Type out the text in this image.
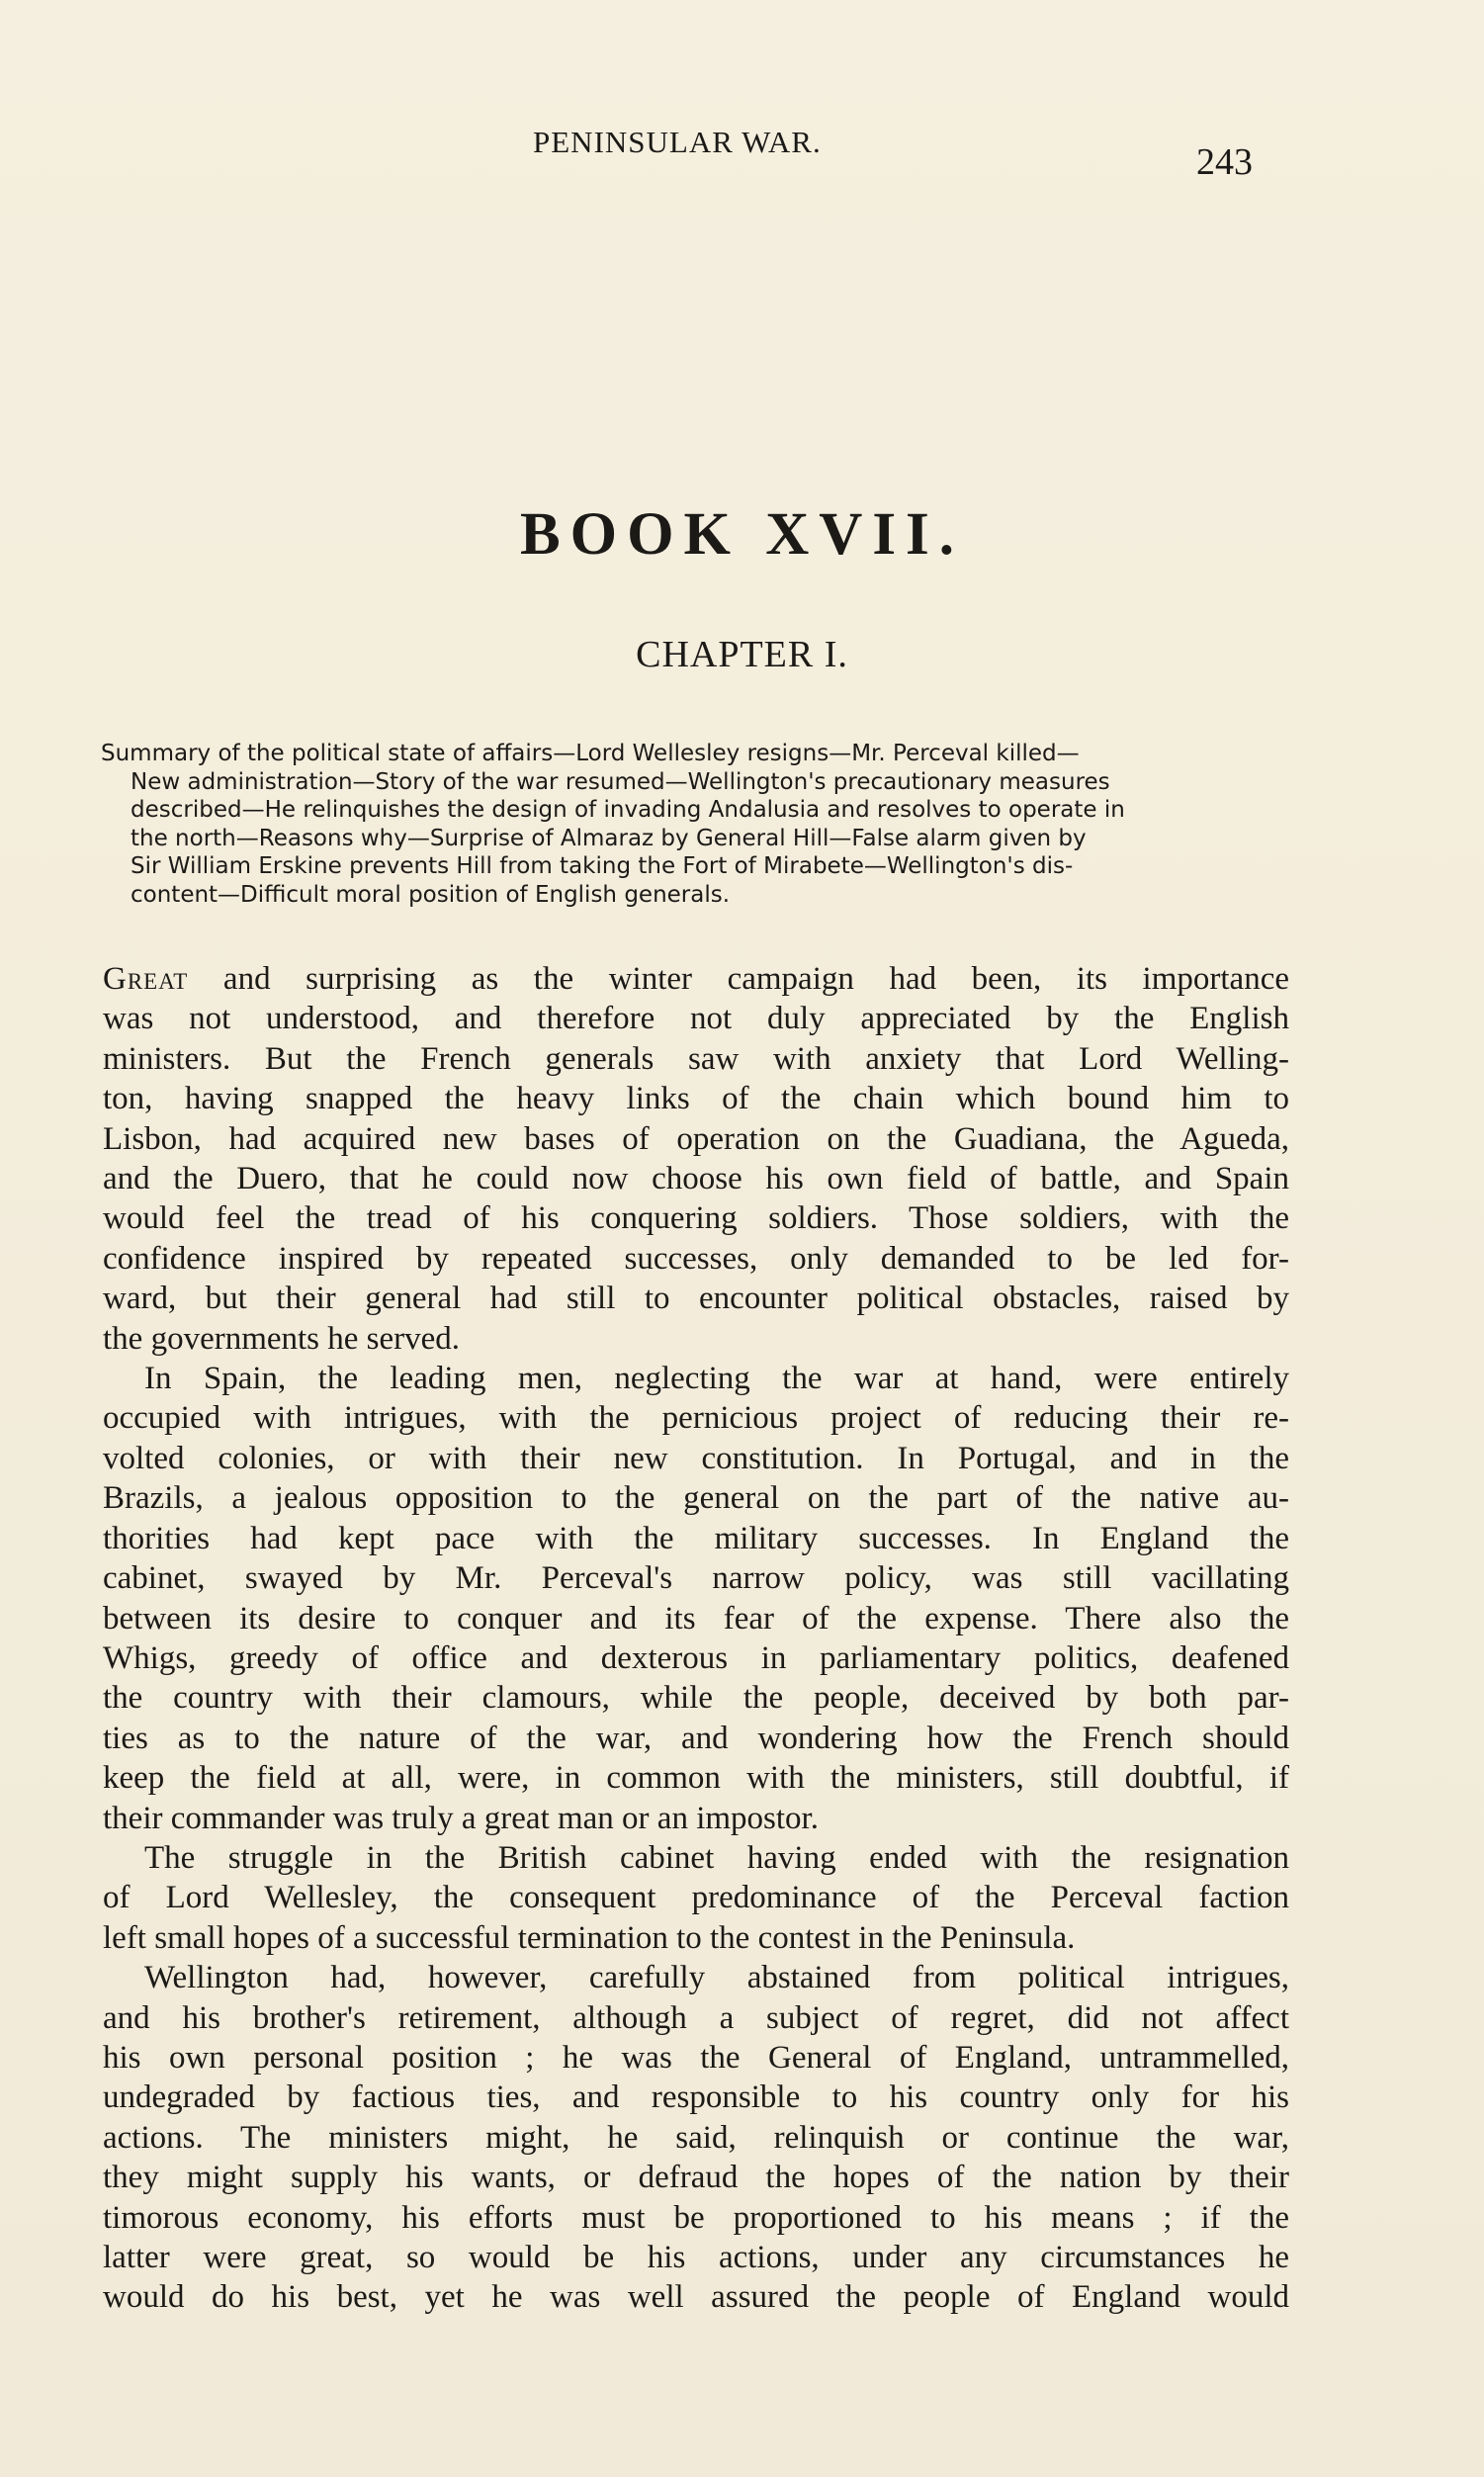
PENINSULAR WAR.	243
BOOK XVII.
CHAPTER I.
Summary of the political state of affairs—Lord Wellesley resigns—Mr. Perceval killed—
New administration—Story of the war resumed—Wellington's precautionary measures
described—He relinquishes the design of invading Andalusia and resolves to operate in
the north—Reasons why—Surprise of Almaraz by General Hill—False alarm given by
Sir William Erskine prevents Hill from taking the Fort of Mirabete—Wellington's dis-
content—Difficult moral position of English generals.
Great and surprising as the winter campaign had been, its importance
was not understood, and therefore not duly appreciated by the English
ministers. But the French generals saw with anxiety that Lord Welling-
ton, having snapped the heavy links of the chain which bound him to
Lisbon, had acquired new bases of operation on the Guadiana, the Agueda,
and the Duero, that he could now choose his own field of battle, and Spain
would feel the tread of his conquering soldiers. Those soldiers, with the
confidence inspired by repeated successes, only demanded to be led for-
ward, but their general had still to encounter political obstacles, raised by
the governments he served.
In Spain, the leading men, neglecting the war at hand, were entirely
occupied with intrigues, with the pernicious project of reducing their re-
volted colonies, or with their new constitution. In Portugal, and in the
Brazils, a jealous opposition to the general on the part of the native au-
thorities had kept pace with the military successes. In England the
cabinet, swayed by Mr. Perceval's narrow policy, was still vacillating
between its desire to conquer and its fear of the expense. There also the
Whigs, greedy of office and dexterous in parliamentary politics, deafened
the country with their clamours, while the people, deceived by both par-
ties as to the nature of the war, and wondering how the French should
keep the field at all, were, in common with the ministers, still doubtful, if
their commander was truly a great man or an impostor.
The struggle in the British cabinet having ended with the resignation
of Lord Wellesley, the consequent predominance of the Perceval faction
left small hopes of a successful termination to the contest in the Peninsula.
Wellington had, however, carefully abstained from political intrigues,
and his brother's retirement, although a subject of regret, did not affect
his own personal position ; he was the General of England, untrammelled,
undegraded by factious ties, and responsible to his country only for his
actions. The ministers might, he said, relinquish or continue the war,
they might supply his wants, or defraud the hopes of the nation by their
timorous economy, his efforts must be proportioned to his means ; if the
latter were great, so would be his actions, under any circumstances he
would do his best, yet he was well assured the people of England would
